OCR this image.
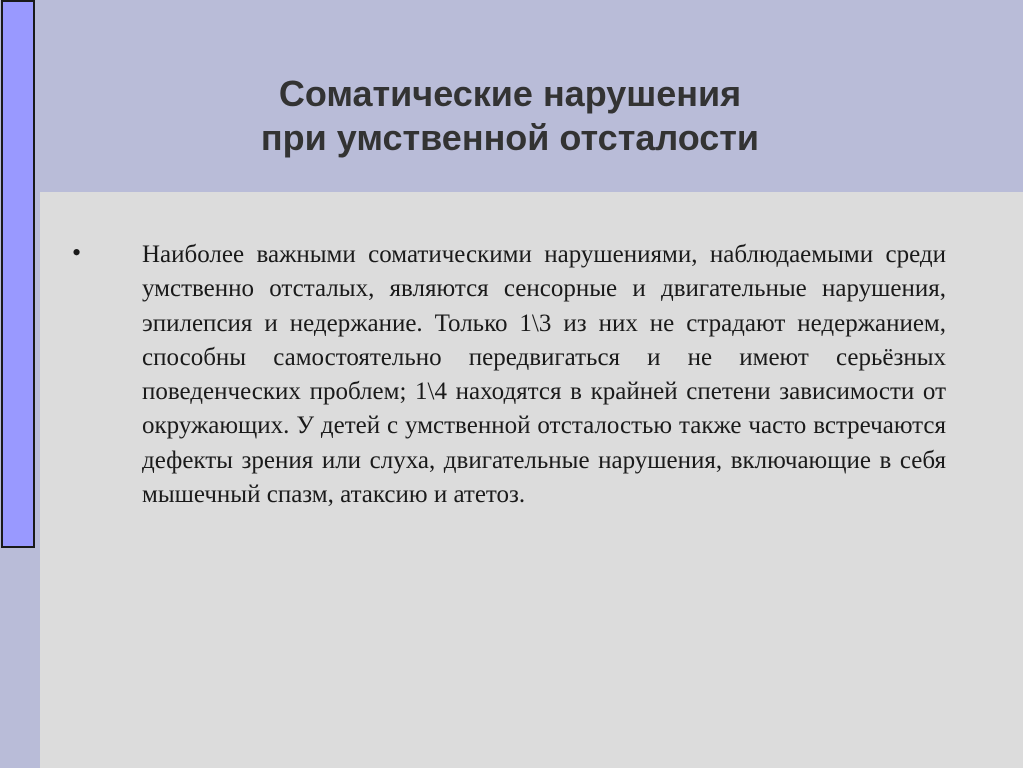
Соматические нарушения
при умственной отсталости
• Наиболее важными соматическими нарушениями, наблюдаемыми среди умственно отсталых, являются сенсорные и двигательные нарушения, эпилепсия и недержание. Только 1\3 из них не страдают недержанием, способны самостоятельно передвигаться и не имеют серьёзных поведенческих проблем; 1\4 находятся в крайней спетени зависимости от окружающих. У детей с умственной отсталостью также часто встречаются дефекты зрения или слуха, двигательные нарушения, включающие в себя мышечный спазм, атаксию и атетоз.
